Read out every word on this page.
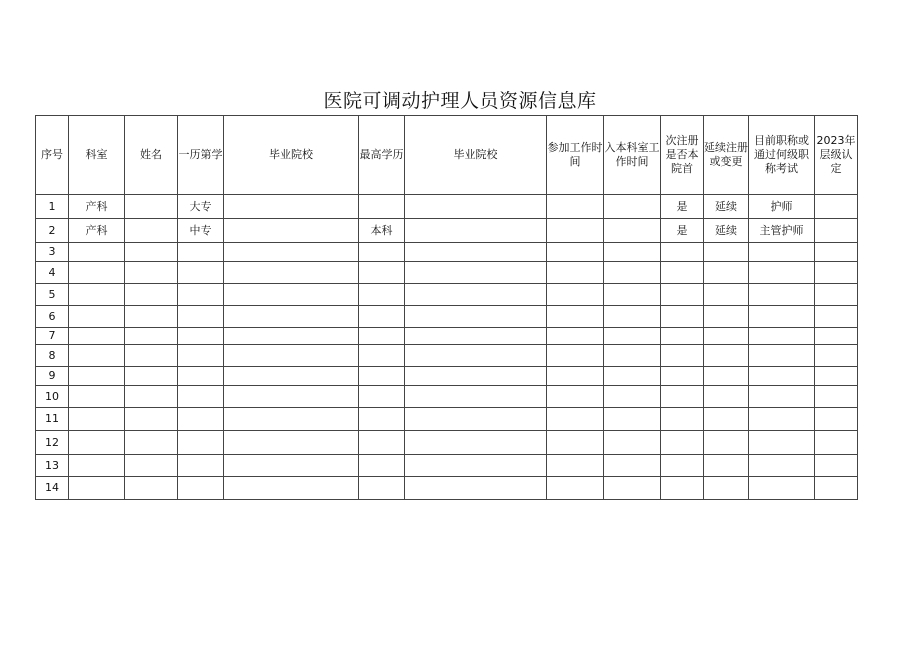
医院可调动护理人员资源信息库
序号	科室	姓名	一历第学	毕业院校	最高学历	毕业院校	参加工作时间	入本科室工作时间	次注册是否本院首	延续注册或变更	目前职称或通过何级职称考试	2023年层级认定
1	产科		大专						是	延续	护师	
2	产科		中专		本科				是	延续	主管护师	
3												
4												
5												
6												
7												
8												
9												
10												
11												
12												
13												
14												
